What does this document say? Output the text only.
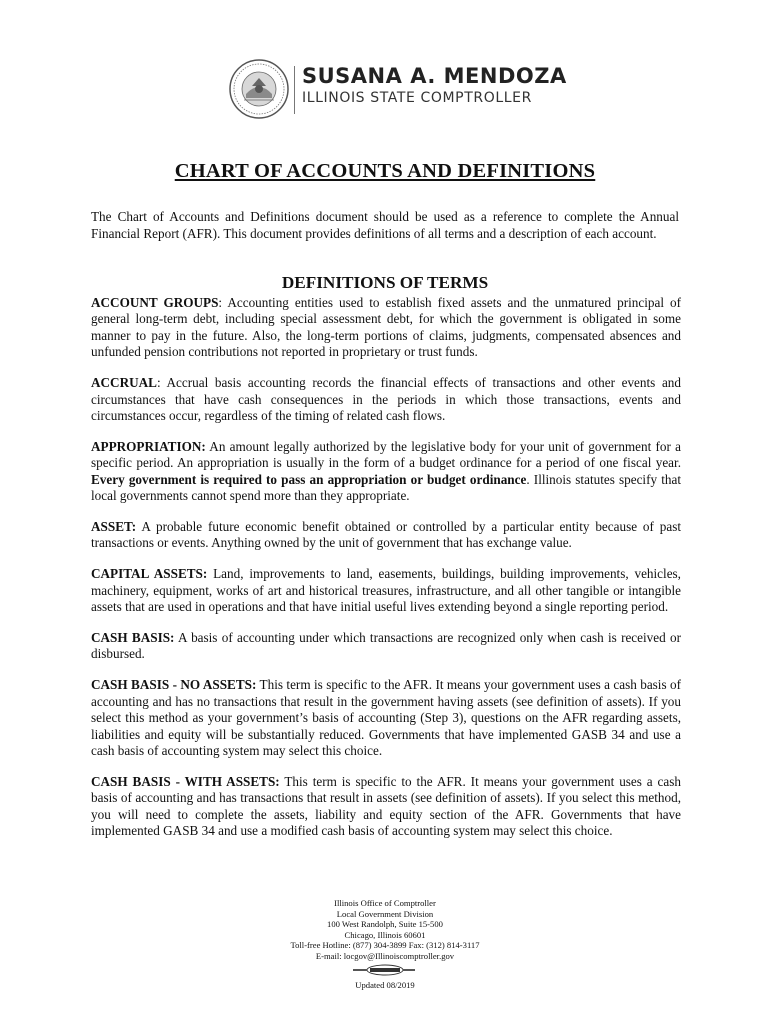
SUSANA A. MENDOZA
ILLINOIS STATE COMPTROLLER
CHART OF ACCOUNTS AND DEFINITIONS

The Chart of Accounts and Definitions document should be used as a reference to complete the Annual Financial Report (AFR). This document provides definitions of all terms and a description of each account.

DEFINITIONS OF TERMS

ACCOUNT GROUPS: Accounting entities used to establish fixed assets and the unmatured principal of general long-term debt, including special assessment debt, for which the government is obligated in some manner to pay in the future. Also, the long-term portions of claims, judgments, compensated absences and unfunded pension contributions not reported in proprietary or trust funds.

ACCRUAL: Accrual basis accounting records the financial effects of transactions and other events and circumstances that have cash consequences in the periods in which those transactions, events and circumstances occur, regardless of the timing of related cash flows.

APPROPRIATION: An amount legally authorized by the legislative body for your unit of government for a specific period. An appropriation is usually in the form of a budget ordinance for a period of one fiscal year. Every government is required to pass an appropriation or budget ordinance. Illinois statutes specify that local governments cannot spend more than they appropriate.

ASSET: A probable future economic benefit obtained or controlled by a particular entity because of past transactions or events. Anything owned by the unit of government that has exchange value.

CAPITAL ASSETS: Land, improvements to land, easements, buildings, building improvements, vehicles, machinery, equipment, works of art and historical treasures, infrastructure, and all other tangible or intangible assets that are used in operations and that have initial useful lives extending beyond a single reporting period.

CASH BASIS: A basis of accounting under which transactions are recognized only when cash is received or disbursed.

CASH BASIS - NO ASSETS: This term is specific to the AFR. It means your government uses a cash basis of accounting and has no transactions that result in the government having assets (see definition of assets). If you select this method as your government’s basis of accounting (Step 3), questions on the AFR regarding assets, liabilities and equity will be substantially reduced. Governments that have implemented GASB 34 and use a cash basis of accounting system may select this choice.

CASH BASIS - WITH ASSETS: This term is specific to the AFR. It means your government uses a cash basis of accounting and has transactions that result in assets (see definition of assets). If you select this method, you will need to complete the assets, liability and equity section of the AFR. Governments that have implemented GASB 34 and use a modified cash basis of accounting system may select this choice.

Illinois Office of Comptroller
Local Government Division
100 West Randolph, Suite 15-500
Chicago, Illinois 60601
Toll-free Hotline: (877) 304-3899 Fax: (312) 814-3117
E-mail: locgov@Illinoiscomptroller.gov
Updated 08/2019
